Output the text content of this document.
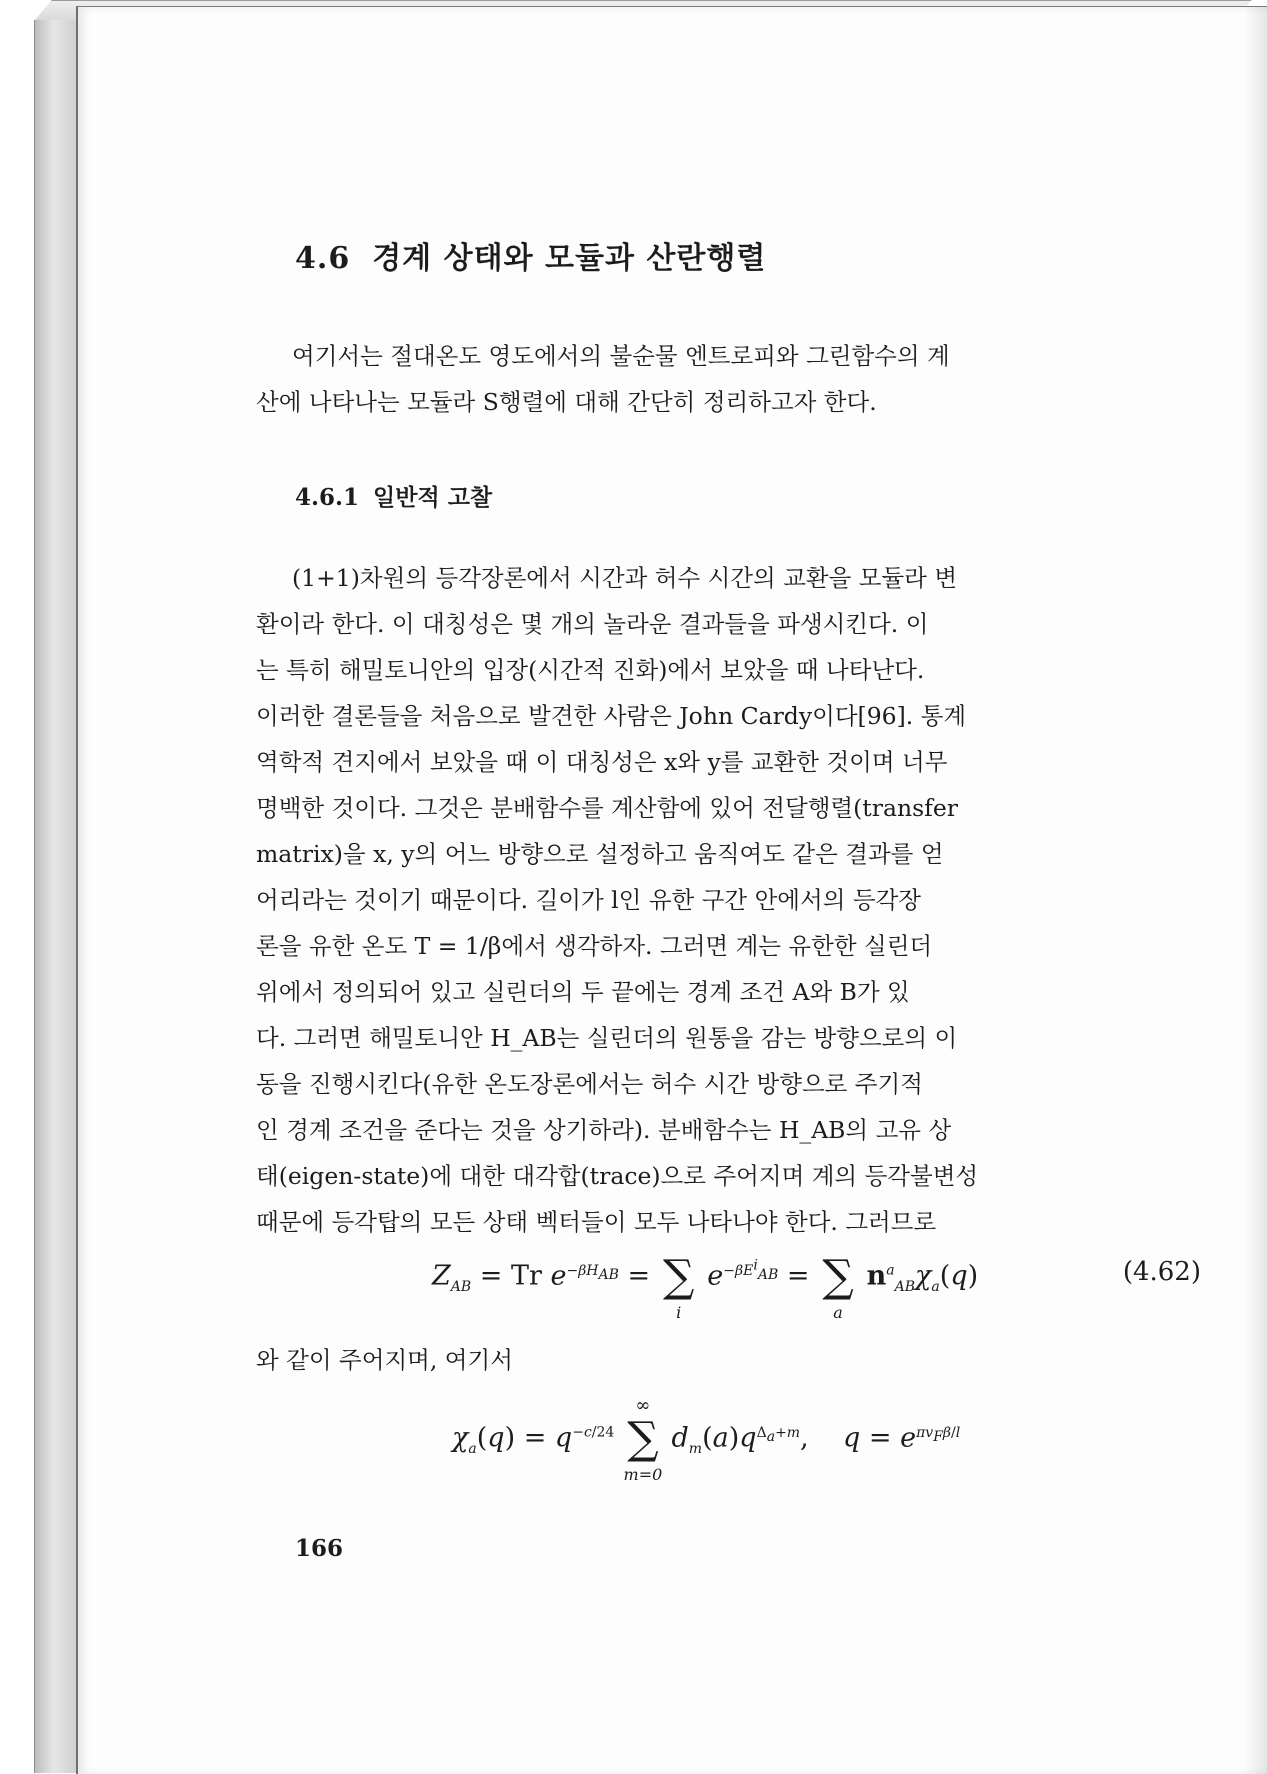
4.6 경계 상태와 모듈과 산란행렬

여기서는 절대온도 영도에서의 불순물 엔트로피와 그린함수의 계
산에 나타나는 모듈라 S행렬에 대해 간단히 정리하고자 한다.

4.6.1 일반적 고찰

(1+1)차원의 등각장론에서 시간과 허수 시간의 교환을 모듈라 변
환이라 한다. 이 대칭성은 몇 개의 놀라운 결과들을 파생시킨다. 이
는 특히 해밀토니안의 입장(시간적 진화)에서 보았을 때 나타난다.
이러한 결론들을 처음으로 발견한 사람은 John Cardy이다[96]. 통계
역학적 견지에서 보았을 때 이 대칭성은 x와 y를 교환한 것이며 너무
명백한 것이다. 그것은 분배함수를 계산함에 있어 전달행렬(transfer
matrix)을 x, y의 어느 방향으로 설정하고 움직여도 같은 결과를 얻
어리라는 것이기 때문이다. 길이가 l인 유한 구간 안에서의 등각장
론을 유한 온도 T = 1/β에서 생각하자. 그러면 계는 유한한 실린더
위에서 정의되어 있고 실린더의 두 끝에는 경계 조건 A와 B가 있
다. 그러면 해밀토니안 H_AB는 실린더의 원통을 감는 방향으로의 이
동을 진행시킨다(유한 온도장론에서는 허수 시간 방향으로 주기적
인 경계 조건을 준다는 것을 상기하라). 분배함수는 H_AB의 고유 상
태(eigen-state)에 대한 대각합(trace)으로 주어지며 계의 등각불변성
때문에 등각탑의 모든 상태 벡터들이 모두 나타나야 한다. 그러므로

$Z_{AB} = Tr$ $e^{-\beta H_{AB}}$ = ∑
i
$e^{-\beta E^i_{AB}}$ = ∑
a
$n^a_{AB}\chi_a(q)$	(4.62)

와 같이 주어지며, 여기서

$\chi_a(q) = q^{-c/24}$
∞
∑
m=0
$d_m(a)q^{\Delta_a+m}$,    $q = e^{\pi v_F\beta/l}$
166
